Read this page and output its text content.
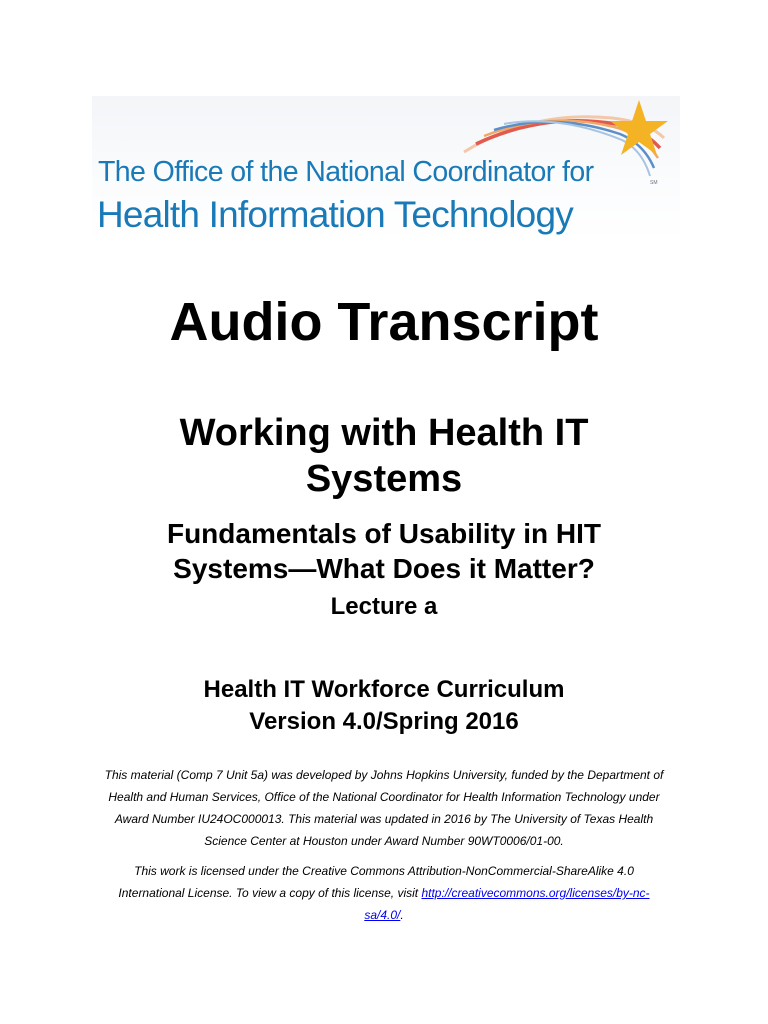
The Office of the National Coordinator for
Health Information Technology
SM
Audio Transcript
Working with Health IT
Systems
Fundamentals of Usability in HIT
Systems—What Does it Matter?
Lecture a
Health IT Workforce Curriculum
Version 4.0/Spring 2016
This material (Comp 7 Unit 5a) was developed by Johns Hopkins University, funded by the Department of
Health and Human Services, Office of the National Coordinator for Health Information Technology under
Award Number IU24OC000013. This material was updated in 2016 by The University of Texas Health
Science Center at Houston under Award Number 90WT0006/01-00.
This work is licensed under the Creative Commons Attribution-NonCommercial-ShareAlike 4.0
International License. To view a copy of this license, visit http://creativecommons.org/licenses/by-nc-
sa/4.0/.
